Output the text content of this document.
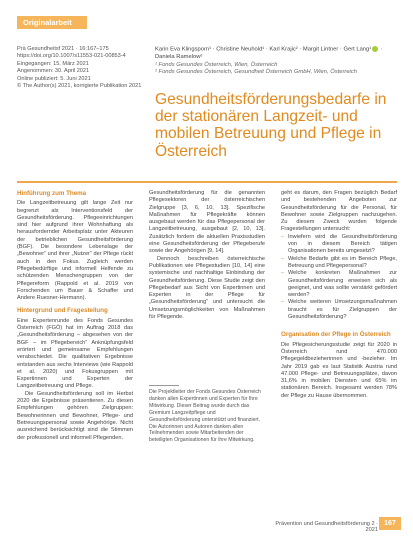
Originalarbeit
Prä Gesundheitsf 2021 · 16:167–175
https://doi.org/10.1007/s11553-021-00853-4
Eingegangen: 15. März 2021
Angenommen: 30. April 2021
Online publiziert: 5. Juni 2021
© The Author(s) 2021, korrigierte Publikation 2021
Karin Eva Klingsporn¹ · Christine Neuhold¹ · Karl Krajic² · Margit Lintner · Gert Lang¹ · Daniela Ramelow²
¹ Fonds Gesundes Österreich, Wien, Österreich
² Fonds Gesundes Österreich, Gesundheit Österreich GmbH, Wien, Österreich
Gesundheitsförderungsbedarfe in der stationären Langzeit- und mobilen Betreuung und Pflege in Österreich
Hinführung zum Thema

Die Langzeitbetreuung gilt lange Zeit nur begrenzt als Interventionsfeld der Gesundheitsförderung. Pflegeeinrichtungen sind hier aufgrund ihrer Wohnhaftung als herausfordernder Arbeitsplatz unter Akteuren der betrieblichen Gesundheitsförderung (BGF). Die besondere Lebenslage der „Bewohner“ und ihrer „Nutzer“ der Pflege rückt auch in den Fokus. Zugleich werden Pflegebedürftige und informell Helfende zu schützenden Menschengruppen von der Pflegereform (Rappold et al. 2019 von Forschenden um Bauer & Schaffer und Andere Ruesner-Hermann).

Hintergrund und Fragestellung

Eine Expertenrunde des Fonds Gesundes Österreich (FGÖ) hat im Auftrag 2018 das „Gesundheitsförderung – abgesehen von der BGF – im Pflegebereich“ Anknüpfungsfeld erörtert und gemeinsame Empfehlungen verabschiedet. Die qualitativen Ergebnisse entstanden aus sechs Interviews (wie Rappold et al. 2020) und Fokusgruppen mit Expertinnen und Experten der Langzeitbetreuung und Pflege.

Die Gesundheitsförderung soll im Herbst 2020 die Ergebnisse präsentieren. Zu diesen Empfehlungen gehören Zielgruppen: Bewohnerinnen und Bewohner, Pflege- und Betreuungspersonal sowie Angehörige. Nicht ausreichend berücksichtigt sind die Stimmen der professionell und informell Pflegenden.

Gesundheitsförderung für die genannten Pflegesektoren der österreichischen Zielgruppe [3, 6, 10, 13]. Spezifische Maßnahmen für Pflegekräfte können ausgebaut werden für das Pflegepersonal der Langzeitbetreuung, ausgebaut [2, 10, 13]. Zusätzlich fordern die aktuellen Praxisstudien eine Gesundheitsförderung der Pflegeberufe sowie der Angehörigen [9, 14].

Dennoch beschreiben österreichische Publikationen wie Pflegestudien [10, 14] eine systemische und nachhaltige Einbindung der Gesundheitsförderung. Diese Studie zeigt den Pflegebedarf aus Sicht von Expertinnen und Experten in der Pflege für „Gesundheitsförderung“ und untersucht die Umsetzungsmöglichkeiten von Maßnahmen für Pflegende.

Die Projektleiter der Fonds Gesundes Österreich danken allen Expertinnen und Experten für Ihre Mitwirkung. Dieser Beitrag wurde durch das Gremium Langzeitpflege und Gesundheitsförderung unterstützt und finanziert. Die Autorinnen und Autoren danken allen Teilnehmenden sowie Mitarbeitenden der beteiligten Organisationen für ihre Mitwirkung.

geht es darum, den Fragen bezüglich Bedarf und bestehenden Angeboten zur Gesundheitsförderung für die Personal, für Bewohner sowie Zielgruppen nachzugehen. Zu diesem Zweck wurden folgende Fragestellungen untersucht:

– Inwiefern wird die Gesundheitsförderung von in diesem Bereich tätigen Organisationen bereits umgesetzt?
– Welche Bedarfe gibt es im Bereich Pflege, Betreuung und Pflegepersonal?
– Welche konkreten Maßnahmen zur Gesundheitsförderung erweisen sich als geeignet, und was sollte verstärkt gefördert werden?
– Welche weiteren Umsetzungsmaßnahmen braucht es für Zielgruppen der Gesundheitsförderung?
Organisation der Pflege in Österreich

Die Pflegesicherungsstudie zeigt für 2020 in Österreich rund 470.000 Pflegegeldbezieherinnen und -bezieher. Im Jahr 2019 gab es laut Statistik Austria rund 47.000 Pflege- und Betreuungsplätze, davon 31,6% in mobilen Diensten und 65% im stationären Bereich. Insgesamt werden 78% der Pflege zu Hause übernommen.

Prävention und Gesundheitsförderung 2 · 2021
167
